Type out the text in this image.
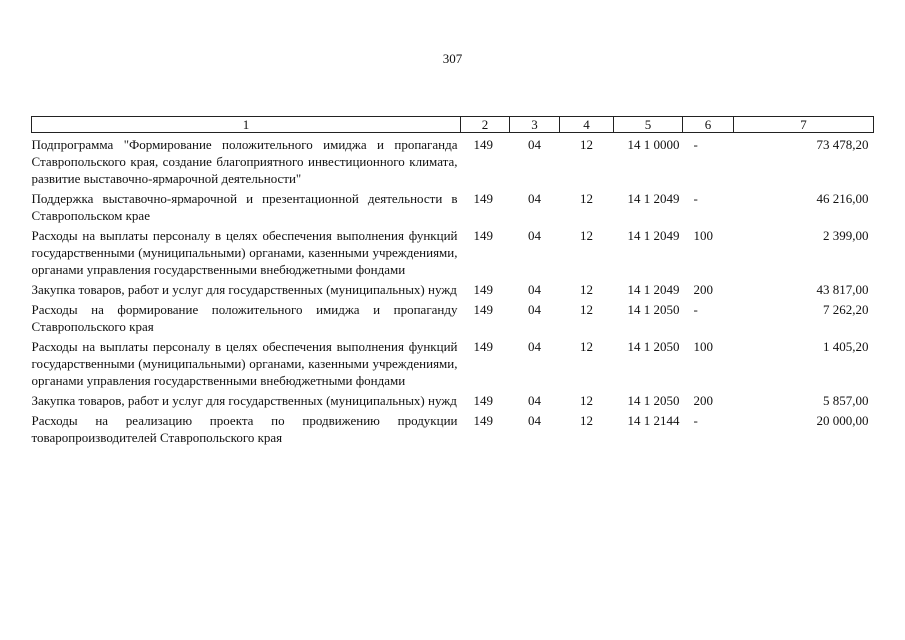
307
1	2	3	4	5	6	7
Подпрограмма "Формирование положительного имиджа и пропаганда Ставропольского края, создание благоприятного инвестиционного климата, развитие выставочно-ярмарочной деятельности"	149	04	12	14 1 0000	-	73 478,20
Поддержка выставочно-ярмарочной и презентационной деятельности в Ставропольском крае	149	04	12	14 1 2049	-	46 216,00
Расходы на выплаты персоналу в целях обеспечения выполнения функций государственными (муниципальными) органами, казенными учреждениями, органами управления государственными внебюджетными фондами	149	04	12	14 1 2049	100	2 399,00
Закупка товаров, работ и услуг для государственных (муниципальных) нужд	149	04	12	14 1 2049	200	43 817,00
Расходы на формирование положительного имиджа и пропаганду Ставропольского края	149	04	12	14 1 2050	-	7 262,20
Расходы на выплаты персоналу в целях обеспечения выполнения функций государственными (муниципальными) органами, казенными учреждениями, органами управления государственными внебюджетными фондами	149	04	12	14 1 2050	100	1 405,20
Закупка товаров, работ и услуг для государственных (муниципальных) нужд	149	04	12	14 1 2050	200	5 857,00
Расходы на реализацию проекта по продвижению продукции товаропроизводителей Ставропольского края	149	04	12	14 1 2144	-	20 000,00
